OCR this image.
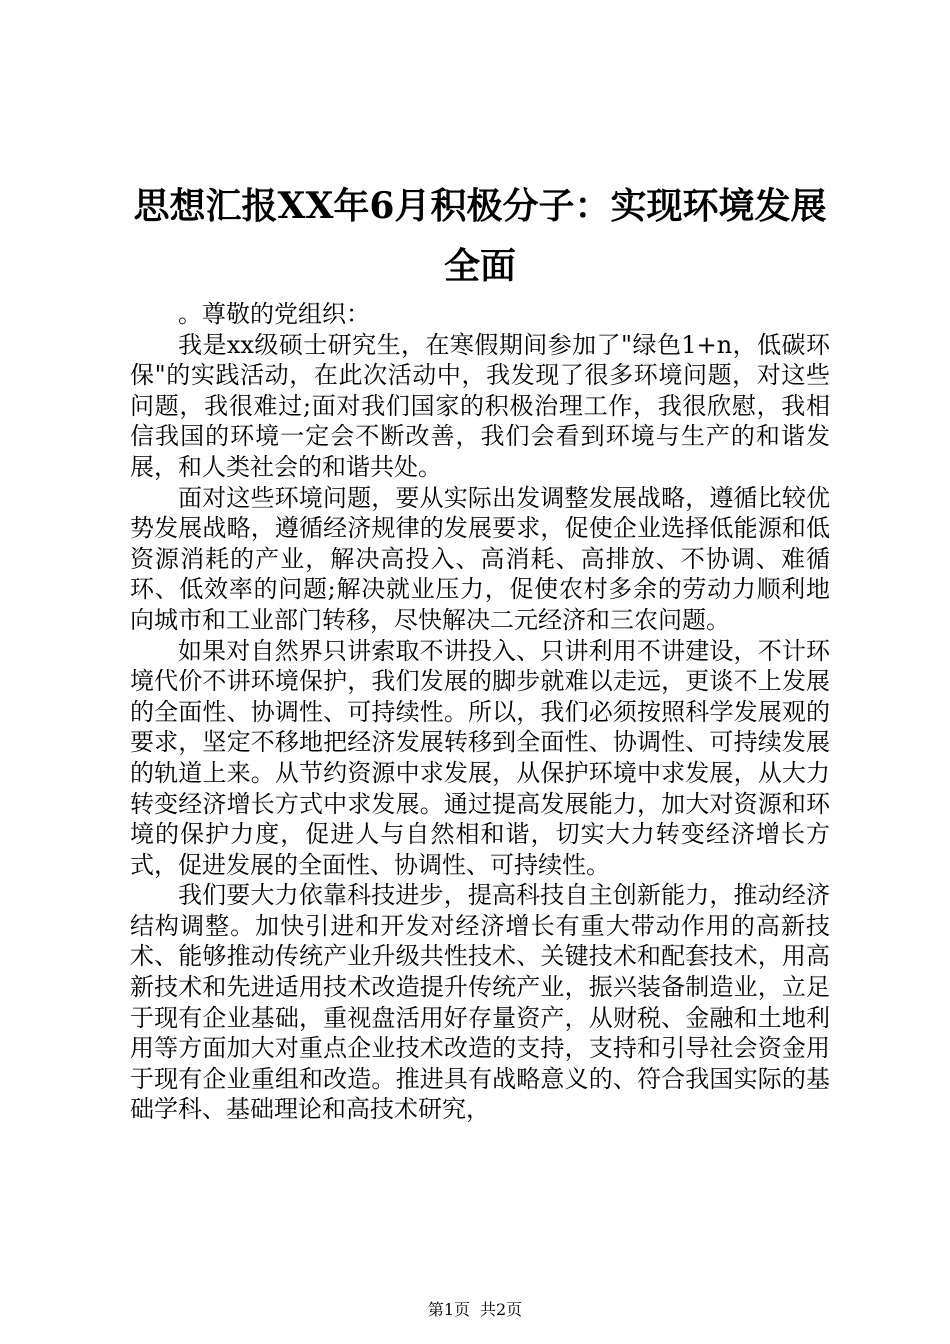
思想汇报XX年6月积极分子：实现环境发展
全面

。尊敬的党组织：

我是xx级硕士研究生，在寒假期间参加了"绿色1+n，低碳环保"的实践活动，在此次活动中，我发现了很多环境问题，对这些问题，我很难过;面对我们国家的积极治理工作，我很欣慰，我相信我国的环境一定会不断改善，我们会看到环境与生产的和谐发展，和人类社会的和谐共处。

面对这些环境问题，要从实际出发调整发展战略，遵循比较优势发展战略，遵循经济规律的发展要求，促使企业选择低能源和低资源消耗的产业，解决高投入、高消耗、高排放、不协调、难循环、低效率的问题;解决就业压力，促使农村多余的劳动力顺利地向城市和工业部门转移，尽快解决二元经济和三农问题。

如果对自然界只讲索取不讲投入、只讲利用不讲建设，不计环境代价不讲环境保护，我们发展的脚步就难以走远，更谈不上发展的全面性、协调性、可持续性。所以，我们必须按照科学发展观的要求，坚定不移地把经济发展转移到全面性、协调性、可持续发展的轨道上来。从节约资源中求发展，从保护环境中求发展，从大力转变经济增长方式中求发展。通过提高发展能力，加大对资源和环境的保护力度，促进人与自然相和谐，切实大力转变经济增长方式，促进发展的全面性、协调性、可持续性。

我们要大力依靠科技进步，提高科技自主创新能力，推动经济结构调整。加快引进和开发对经济增长有重大带动作用的高新技术、能够推动传统产业升级共性技术、关键技术和配套技术，用高新技术和先进适用技术改造提升传统产业，振兴装备制造业，立足于现有企业基础，重视盘活用好存量资产，从财税、金融和土地利用等方面加大对重点企业技术改造的支持，支持和引导社会资金用于现有企业重组和改造。推进具有战略意义的、符合我国实际的基础学科、基础理论和高技术研究，

第1页 共2页
